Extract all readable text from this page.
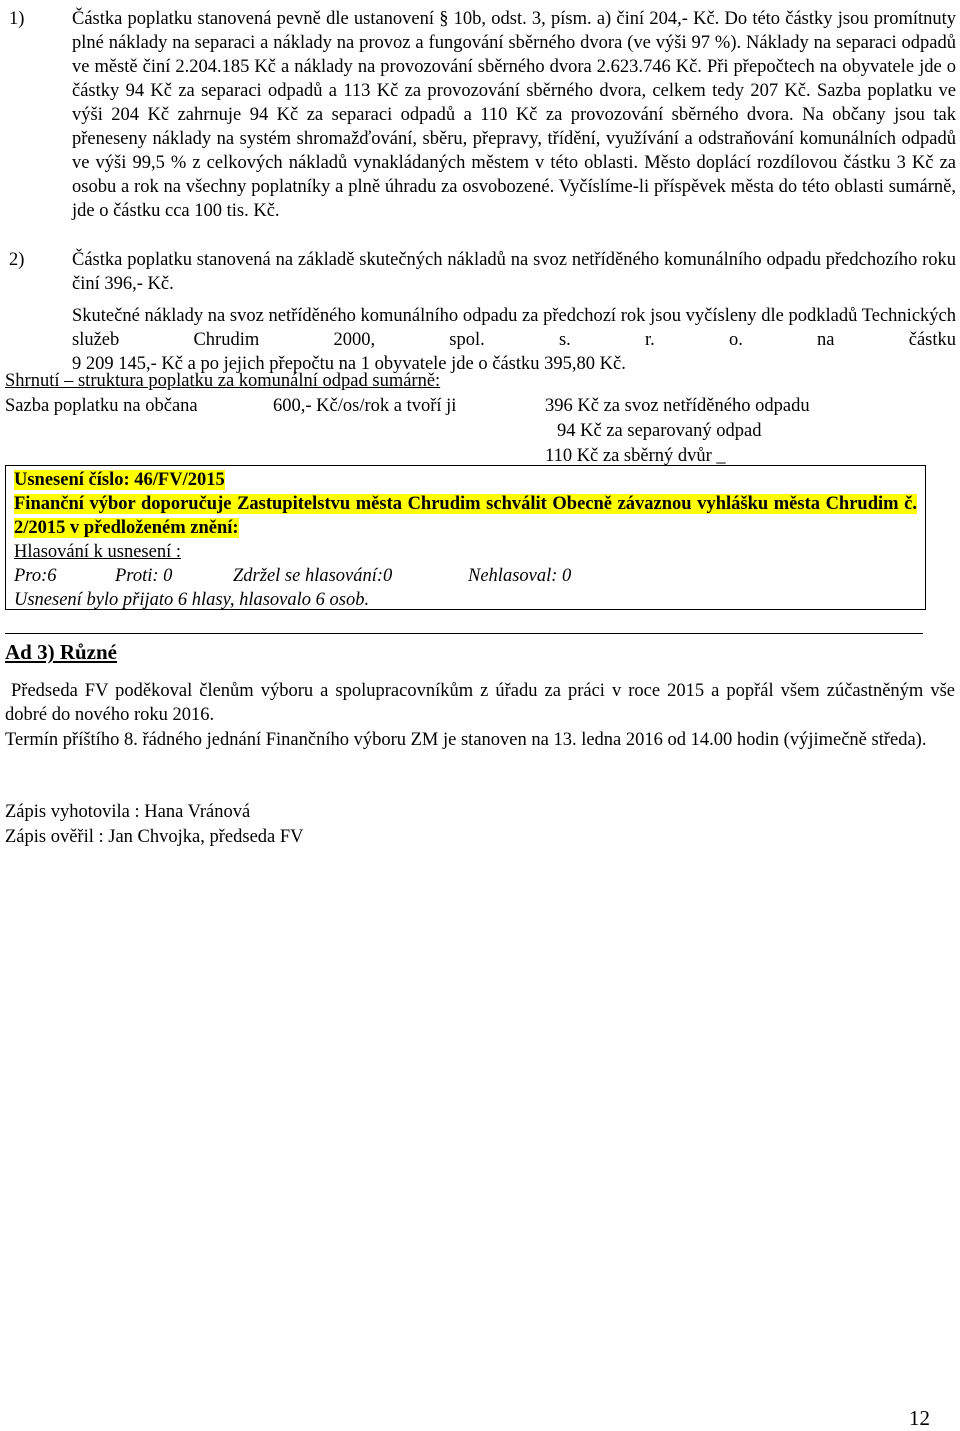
1)	Částka poplatku stanovená pevně dle ustanovení § 10b, odst. 3, písm. a) činí 204,- Kč. Do této částky jsou promítnuty plné náklady na separaci a náklady na provoz a fungování sběrného dvora (ve výši 97 %). Náklady na separaci odpadů ve městě činí 2.204.185 Kč a náklady na provozování sběrného dvora 2.623.746 Kč. Při přepočtech na obyvatele jde o částky 94 Kč za separaci odpadů a 113 Kč za provozování sběrného dvora, celkem tedy 207 Kč. Sazba poplatku ve výši 204 Kč zahrnuje 94 Kč za separaci odpadů a 110 Kč za provozování sběrného dvora. Na občany jsou tak přeneseny náklady na systém shromažďování, sběru, přepravy, třídění, využívání a odstraňování komunálních odpadů ve výši 99,5 % z celkových nákladů vynakládaných městem v této oblasti. Město doplácí rozdílovou částku 3 Kč za osobu a rok na všechny poplatníky a plně úhradu za osvobozené. Vyčíslíme-li příspěvek města do této oblasti sumárně, jde o částku cca 100 tis. Kč.

2)	Částka poplatku stanovená na základě skutečných nákladů na svoz netříděného komunálního odpadu předchozího roku činí 396,- Kč.

Skutečné náklady na svoz netříděného komunálního odpadu za předchozí rok jsou vyčísleny dle podkladů Technických služeb Chrudim 2000, spol. s. r. o. na částku

9 209 145,- Kč a po jejich přepočtu na 1 obyvatele jde o částku 395,80 Kč.

Shrnutí – struktura poplatku za komunální odpad sumárně:
Sazba poplatku na občana	600,- Kč/os/rok a tvoří ji	396 Kč za svoz netříděného odpadu
94 Kč za separovaný odpad
110 Kč za sběrný dvůr _
Usnesení číslo: 46/FV/2015
Finanční výbor doporučuje Zastupitelstvu města Chrudim schválit Obecně závaznou vyhlášku města Chrudim č. 2/2015 v předloženém znění:
Hlasování k usnesení :
Pro:6	Proti: 0	Zdržel se hlasování:0	Nehlasoval: 0
Usnesení bylo přijato 6 hlasy, hlasovalo 6 osob.
Ad 3) Různé
Předseda FV poděkoval členům výboru a spolupracovníkům z úřadu za práci v roce 2015 a popřál všem zúčastněným vše dobré do nového roku 2016.
Termín příštího 8. řádného jednání Finančního výboru ZM je stanoven na 13. ledna 2016 od 14.00 hodin (výjimečně středa).
Zápis vyhotovila : Hana Vránová
Zápis ověřil : Jan Chvojka, předseda FV
12
